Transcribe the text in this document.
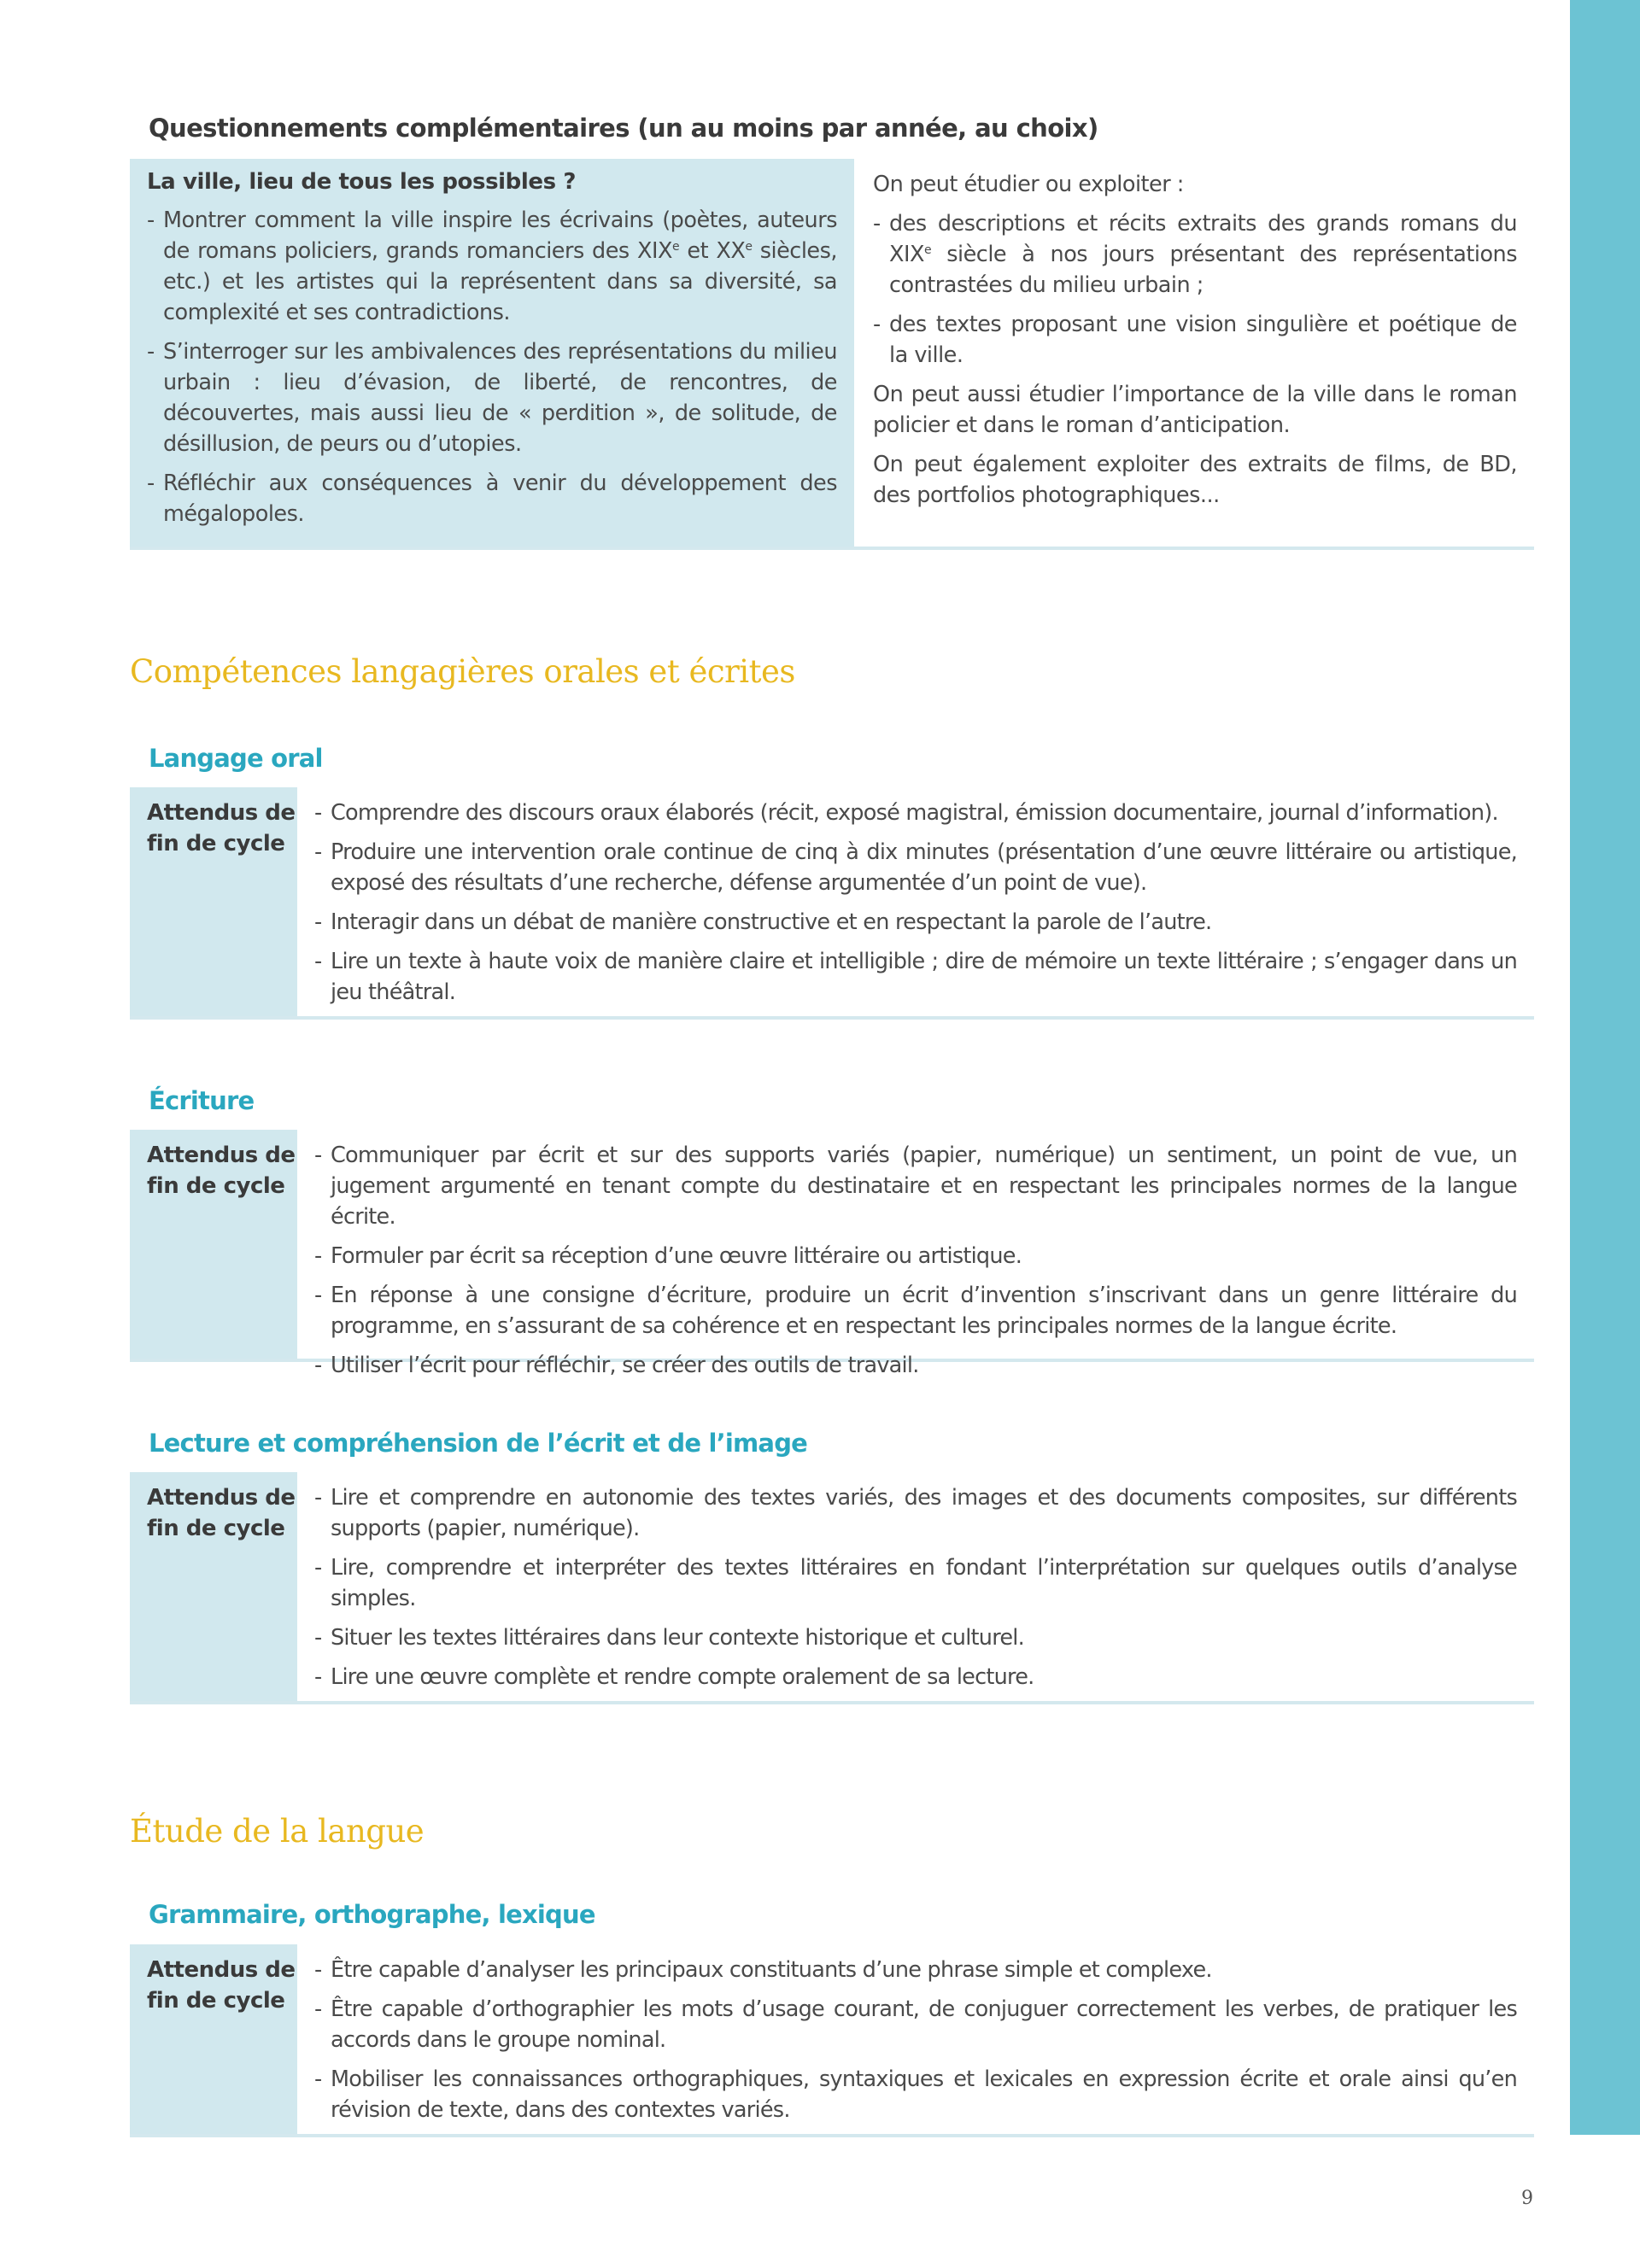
Questionnements complémentaires (un au moins par année, au choix)
La ville, lieu de tous les possibles ?
- Montrer comment la ville inspire les écrivains (poètes, auteurs de romans policiers, grands romanciers des XIXe et XXe siècles, etc.) et les artistes qui la représentent dans sa diversité, sa complexité et ses contradictions.
- S’interroger sur les ambivalences des représentations du milieu urbain : lieu d’évasion, de liberté, de rencontres, de découvertes, mais aussi lieu de « perdition », de solitude, de désillusion, de peurs ou d’utopies.
- Réfléchir aux conséquences à venir du développement des mégalopoles.

On peut étudier ou exploiter :

- des descriptions et récits extraits des grands romans du XIXe siècle à nos jours présentant des représentations contrastées du milieu urbain ;
- des textes proposant une vision singulière et poétique de la ville.

On peut aussi étudier l’importance de la ville dans le roman policier et dans le roman d’anticipation.

On peut également exploiter des extraits de films, de BD, des portfolios photographiques...

Compétences langagières orales et écrites
Langage oral
Attendus de fin de cycle
- Comprendre des discours oraux élaborés (récit, exposé magistral, émission documentaire, journal d’information).
- Produire une intervention orale continue de cinq à dix minutes (présentation d’une œuvre littéraire ou artistique, exposé des résultats d’une recherche, défense argumentée d’un point de vue).
- Interagir dans un débat de manière constructive et en respectant la parole de l’autre.
- Lire un texte à haute voix de manière claire et intelligible ; dire de mémoire un texte littéraire ; s’engager dans un jeu théâtral.
Écriture
Attendus de fin de cycle
- Communiquer par écrit et sur des supports variés (papier, numérique) un sentiment, un point de vue, un jugement argumenté en tenant compte du destinataire et en respectant les principales normes de la langue écrite.
- Formuler par écrit sa réception d’une œuvre littéraire ou artistique.
- En réponse à une consigne d’écriture, produire un écrit d’invention s’inscrivant dans un genre littéraire du programme, en s’assurant de sa cohérence et en respectant les principales normes de la langue écrite.
- Utiliser l’écrit pour réfléchir, se créer des outils de travail.
Lecture et compréhension de l’écrit et de l’image
Attendus de fin de cycle
- Lire et comprendre en autonomie des textes variés, des images et des documents composites, sur différents supports (papier, numérique).
- Lire, comprendre et interpréter des textes littéraires en fondant l’interprétation sur quelques outils d’analyse simples.
- Situer les textes littéraires dans leur contexte historique et culturel.
- Lire une œuvre complète et rendre compte oralement de sa lecture.
Étude de la langue
Grammaire, orthographe, lexique
Attendus de fin de cycle
- Être capable d’analyser les principaux constituants d’une phrase simple et complexe.
- Être capable d’orthographier les mots d’usage courant, de conjuguer correctement les verbes, de pratiquer les accords dans le groupe nominal.
- Mobiliser les connaissances orthographiques, syntaxiques et lexicales en expression écrite et orale ainsi qu’en révision de texte, dans des contextes variés.
9
